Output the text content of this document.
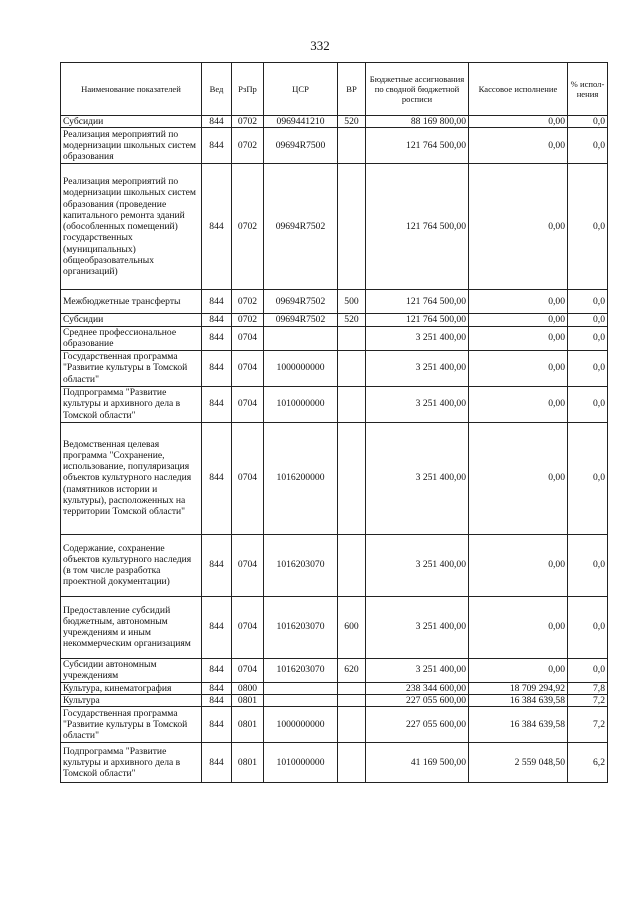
332
Наименование показателей	Вед	РзПр	ЦСР	ВР	Бюджетные ассигнования по сводной бюджетной росписи	Кассовое исполнение	% испол-нения
Субсидии	844	0702	0969441210	520	88 169 800,00	0,00	0,0
Реализация мероприятий по модернизации школьных систем образования	844	0702	09694R7500		121 764 500,00	0,00	0,0
Реализация мероприятий по модернизации школьных систем образования (проведение капитального ремонта зданий (обособленных помещений) государственных (муниципальных) общеобразовательных организаций)	844	0702	09694R7502		121 764 500,00	0,00	0,0
Межбюджетные трансферты	844	0702	09694R7502	500	121 764 500,00	0,00	0,0
Субсидии	844	0702	09694R7502	520	121 764 500,00	0,00	0,0
Среднее профессиональное образование	844	0704			3 251 400,00	0,00	0,0
Государственная программа "Развитие культуры в Томской области"	844	0704	1000000000		3 251 400,00	0,00	0,0
Подпрограмма "Развитие культуры и архивного дела в Томской области"	844	0704	1010000000		3 251 400,00	0,00	0,0
Ведомственная целевая программа "Сохранение, использование, популяризация объектов культурного наследия (памятников истории и культуры), расположенных на территории Томской области"	844	0704	1016200000		3 251 400,00	0,00	0,0
Содержание, сохранение объектов культурного наследия (в том числе разработка проектной документации)	844	0704	1016203070		3 251 400,00	0,00	0,0
Предоставление субсидий бюджетным, автономным учреждениям и иным некоммерческим организациям	844	0704	1016203070	600	3 251 400,00	0,00	0,0
Субсидии автономным учреждениям	844	0704	1016203070	620	3 251 400,00	0,00	0,0
Культура, кинематография	844	0800			238 344 600,00	18 709 294,92	7,8
Культура	844	0801			227 055 600,00	16 384 639,58	7,2
Государственная программа "Развитие культуры в Томской области"	844	0801	1000000000		227 055 600,00	16 384 639,58	7,2
Подпрограмма "Развитие культуры и архивного дела в Томской области"	844	0801	1010000000		41 169 500,00	2 559 048,50	6,2
